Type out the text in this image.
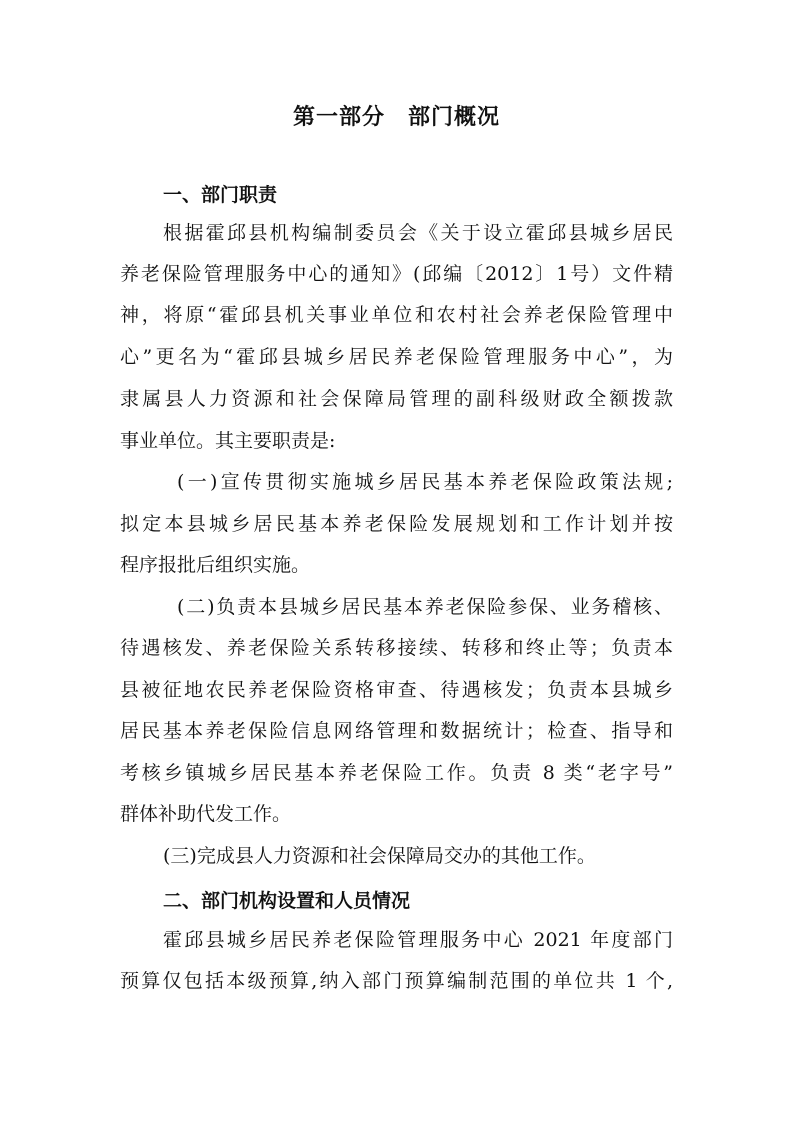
第一部分　部门概况
一、部门职责
根据霍邱县机构编制委员会《关于设立霍邱县城乡居民
养老保险管理服务中心的通知》(邱编〔2012〕1号）文件精
神，将原“霍邱县机关事业单位和农村社会养老保险管理中
心”更名为“霍邱县城乡居民养老保险管理服务中心”，为
隶属县人力资源和社会保障局管理的副科级财政全额拨款
事业单位。其主要职责是:
(一)宣传贯彻实施城乡居民基本养老保险政策法规;
拟定本县城乡居民基本养老保险发展规划和工作计划并按
程序报批后组织实施。
(二)负责本县城乡居民基本养老保险参保、业务稽核、
待遇核发、养老保险关系转移接续、转移和终止等；负责本
县被征地农民养老保险资格审查、待遇核发；负责本县城乡
居民基本养老保险信息网络管理和数据统计；检查、指导和
考核乡镇城乡居民基本养老保险工作。负责 8 类“老字号”
群体补助代发工作。
(三)完成县人力资源和社会保障局交办的其他工作。
二、部门机构设置和人员情况
霍邱县城乡居民养老保险管理服务中心 2021 年度部门
预算仅包括本级预算,纳入部门预算编制范围的单位共 1 个,
